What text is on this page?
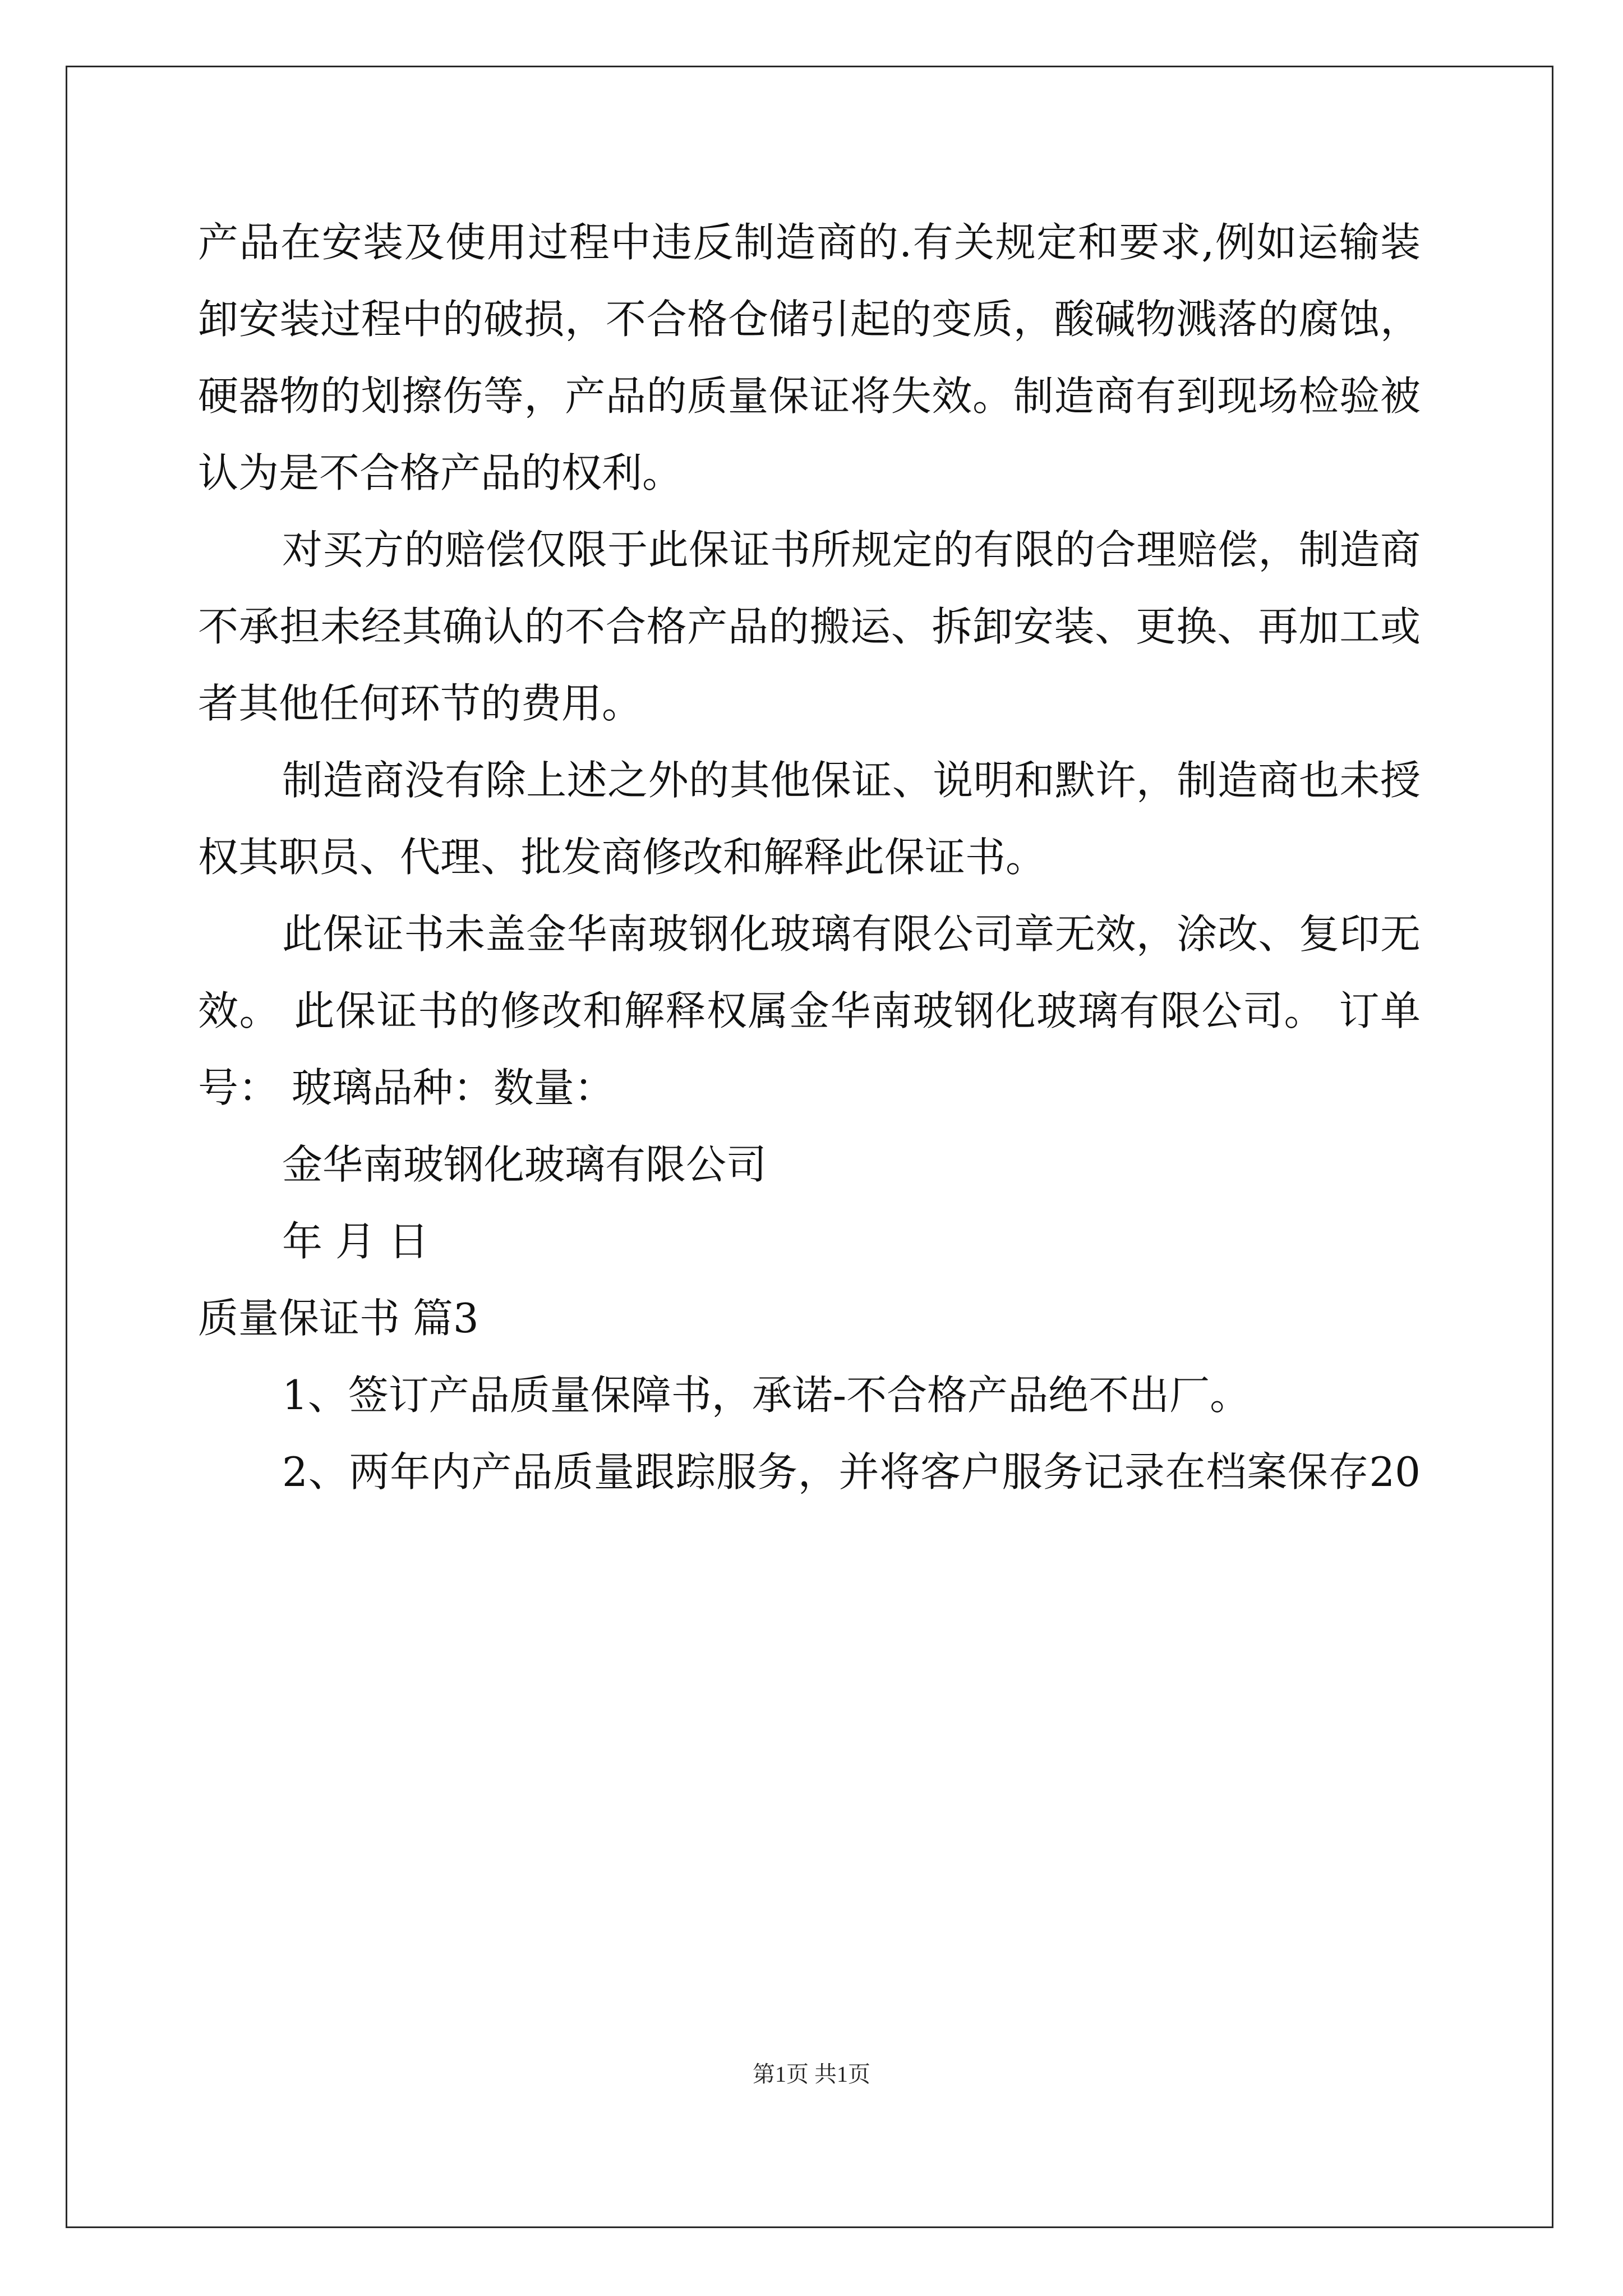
产品在安装及使用过程中违反制造商的.有关规定和要求,例如运输装
卸安装过程中的破损，不合格仓储引起的变质，酸碱物溅落的腐蚀，
硬器物的划擦伤等，产品的质量保证将失效。制造商有到现场检验被
认为是不合格产品的权利。
对买方的赔偿仅限于此保证书所规定的有限的合理赔偿，制造商
不承担未经其确认的不合格产品的搬运、拆卸安装、更换、再加工或
者其他任何环节的费用。
制造商没有除上述之外的其他保证、说明和默许，制造商也未授
权其职员、代理、批发商修改和解释此保证书。
此保证书未盖金华南玻钢化玻璃有限公司章无效，涂改、复印无
效。 此保证书的修改和解释权属金华南玻钢化玻璃有限公司。 订单
号： 玻璃品种：数量：
金华南玻钢化玻璃有限公司
年 月 日
质量保证书 篇3
1、签订产品质量保障书，承诺-不合格产品绝不出厂。
2、两年内产品质量跟踪服务，并将客户服务记录在档案保存20
第1页 共1页
